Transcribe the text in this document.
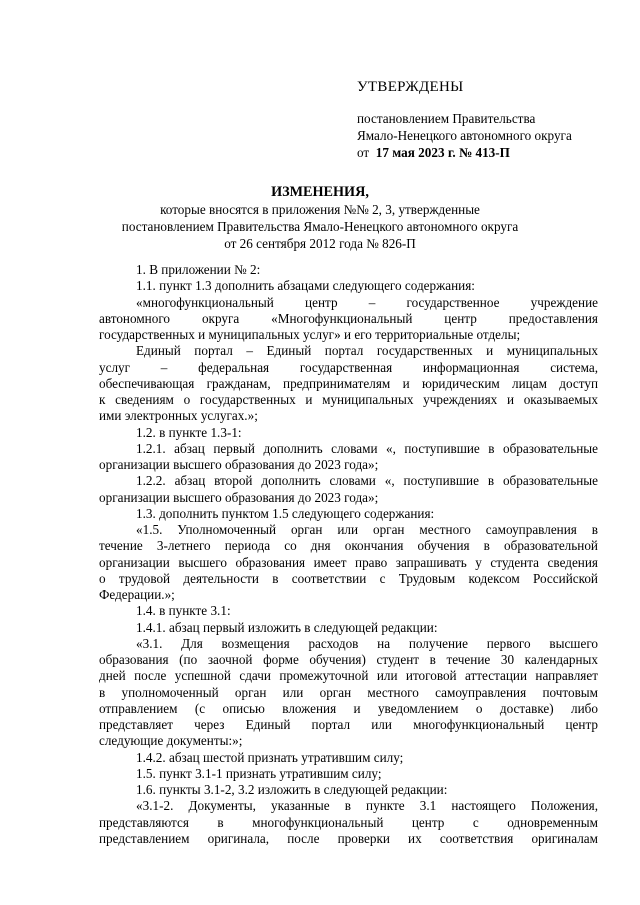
УТВЕРЖДЕНЫ
постановлением Правительства
Ямало-Ненецкого автономного округа
от 17 мая 2023 г. № 413-П
ИЗМЕНЕНИЯ,
которые вносятся в приложения №№ 2, 3, утвержденные
постановлением Правительства Ямало-Ненецкого автономного округа
от 26 сентября 2012 года № 826-П
1. В приложении № 2:
1.1. пункт 1.3 дополнить абзацами следующего содержания:
«многофункциональный центр – государственное учреждение
автономного округа «Многофункциональный центр предоставления
государственных и муниципальных услуг» и его территориальные отделы;
Единый портал – Единый портал государственных и муниципальных
услуг – федеральная государственная информационная система,
обеспечивающая гражданам, предпринимателям и юридическим лицам доступ
к сведениям о государственных и муниципальных учреждениях и оказываемых
ими электронных услугах.»;
1.2. в пункте 1.3-1:
1.2.1. абзац первый дополнить словами «, поступившие в образовательные
организации высшего образования до 2023 года»;
1.2.2. абзац второй дополнить словами «, поступившие в образовательные
организации высшего образования до 2023 года»;
1.3. дополнить пунктом 1.5 следующего содержания:
«1.5. Уполномоченный орган или орган местного самоуправления в
течение 3-летнего периода со дня окончания обучения в образовательной
организации высшего образования имеет право запрашивать у студента сведения
о трудовой деятельности в соответствии с Трудовым кодексом Российской
Федерации.»;
1.4. в пункте 3.1:
1.4.1. абзац первый изложить в следующей редакции:
«3.1. Для возмещения расходов на получение первого высшего
образования (по заочной форме обучения) студент в течение 30 календарных
дней после успешной сдачи промежуточной или итоговой аттестации направляет
в уполномоченный орган или орган местного самоуправления почтовым
отправлением (с описью вложения и уведомлением о доставке) либо
представляет через Единый портал или многофункциональный центр
следующие документы:»;
1.4.2. абзац шестой признать утратившим силу;
1.5. пункт 3.1-1 признать утратившим силу;
1.6. пункты 3.1-2, 3.2 изложить в следующей редакции:
«3.1-2. Документы, указанные в пункте 3.1 настоящего Положения,
представляются в многофункциональный центр с одновременным
представлением оригинала, после проверки их соответствия оригиналам
